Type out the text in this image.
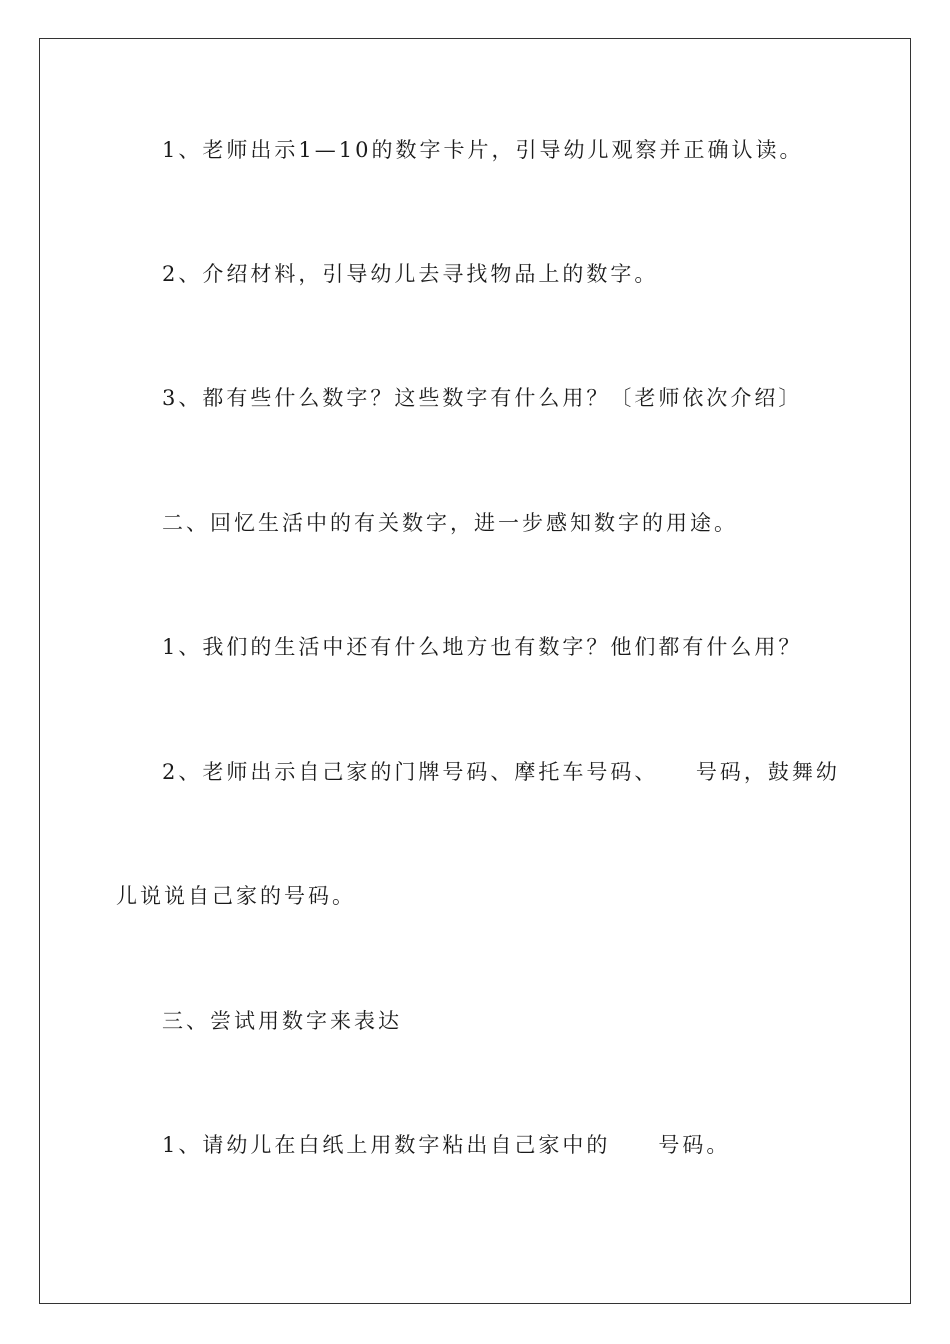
1、老师出示1—10的数字卡片，引导幼儿观察并正确认读。

2、介绍材料，引导幼儿去寻找物品上的数字。

3、都有些什么数字？这些数字有什么用？〔老师依次介绍〕

二、回忆生活中的有关数字，进一步感知数字的用途。

1、我们的生活中还有什么地方也有数字？他们都有什么用？

2、老师出示自己家的门牌号码、摩托车号码、　　号码，鼓舞幼

儿说说自己家的号码。

三、尝试用数字来表达

1、请幼儿在白纸上用数字粘出自己家中的　　号码。
